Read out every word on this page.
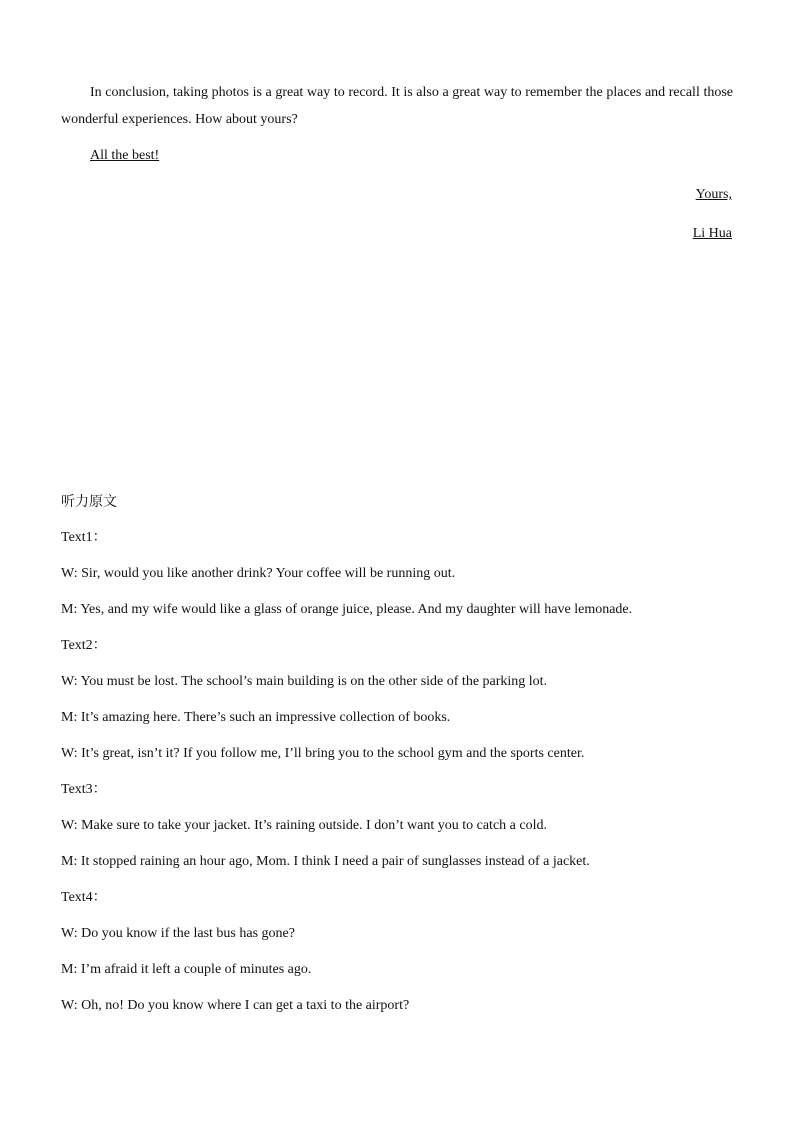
In conclusion, taking photos is a great way to record. It is also a great way to remember the places and recall those wonderful experiences. How about yours?
All the best!
Yours,
Li Hua
听力原文
Text1：
W: Sir, would you like another drink? Your coffee will be running out.
M: Yes, and my wife would like a glass of orange juice, please. And my daughter will have lemonade.
Text2：
W: You must be lost. The school’s main building is on the other side of the parking lot.
M: It’s amazing here. There’s such an impressive collection of books.
W: It’s great, isn’t it? If you follow me, I’ll bring you to the school gym and the sports center.
Text3：
W: Make sure to take your jacket. It’s raining outside. I don’t want you to catch a cold.
M: It stopped raining an hour ago, Mom. I think I need a pair of sunglasses instead of a jacket.
Text4：
W: Do you know if the last bus has gone?
M: I’m afraid it left a couple of minutes ago.
W: Oh, no! Do you know where I can get a taxi to the airport?
